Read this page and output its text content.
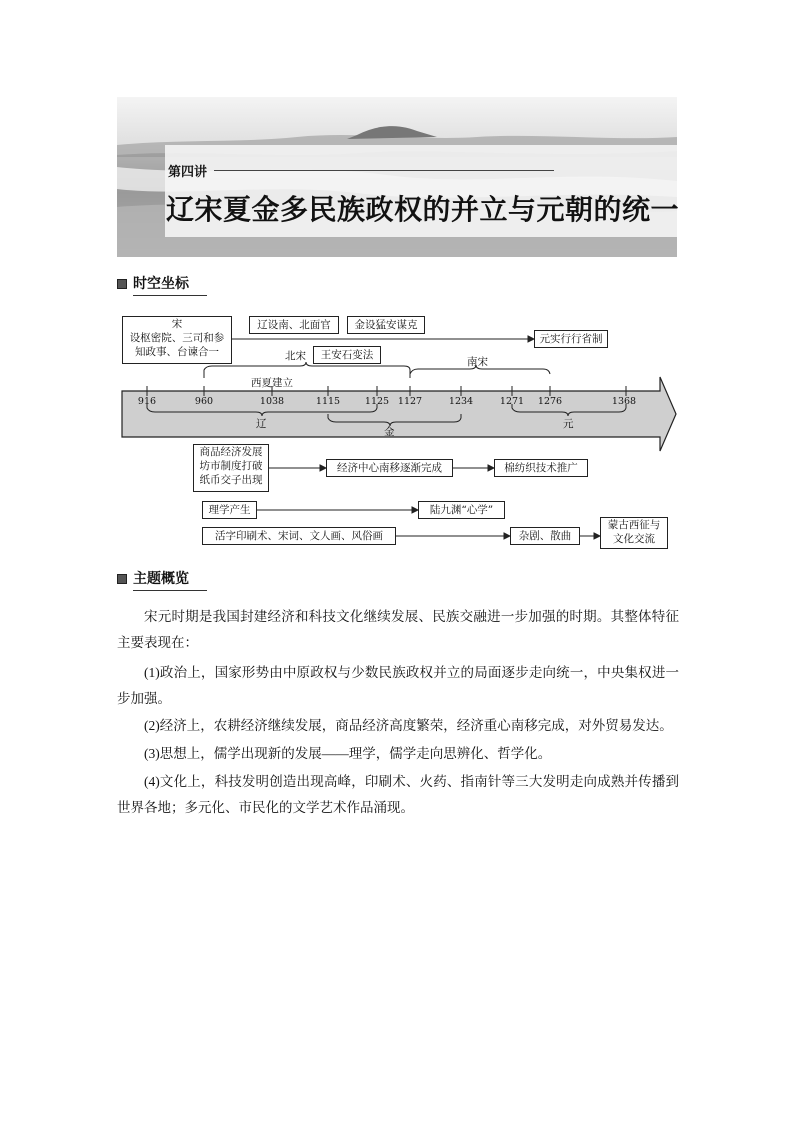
第四讲
辽宋夏金多民族政权的并立与元朝的统一
时空坐标
宋
设枢密院、三司和参
知政事、台谏合一
辽设南、北面官	金设猛安谋克
元实行行省制
北宋	王安石变法
南宋
西夏建立
916	960	1038	1115	1125 1127	1234	1271 1276	1368
辽
金
元
商品经济发展
坊市制度打破
纸币交子出现
经济中心南移逐渐完成	棉纺织技术推广
理学产生	陆九渊“心学”
活字印刷术、宋词、文人画、风俗画	杂剧、散曲
蒙古西征与
文化交流
主题概览
宋元时期是我国封建经济和科技文化继续发展、民族交融进一步加强的时期。其整体特征主要表现在：
(1)政治上，国家形势由中原政权与少数民族政权并立的局面逐步走向统一，中央集权进一步加强。
(2)经济上，农耕经济继续发展，商品经济高度繁荣，经济重心南移完成，对外贸易发达。
(3)思想上，儒学出现新的发展——理学，儒学走向思辨化、哲学化。
(4)文化上，科技发明创造出现高峰，印刷术、火药、指南针等三大发明走向成熟并传播到世界各地；多元化、市民化的文学艺术作品涌现。
